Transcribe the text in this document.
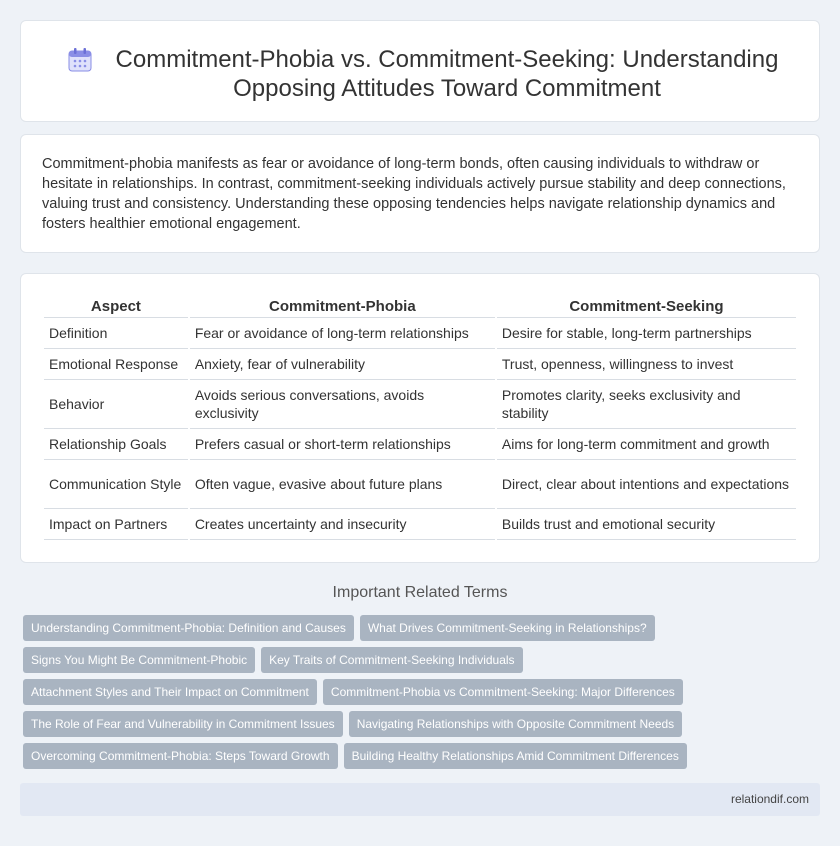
Commitment-Phobia vs. Commitment-Seeking: Understanding Opposing Attitudes Toward Commitment

Commitment-phobia manifests as fear or avoidance of long-term bonds, often causing individuals to withdraw or hesitate in relationships. In contrast, commitment-seeking individuals actively pursue stability and deep connections, valuing trust and consistency. Understanding these opposing tendencies helps navigate relationship dynamics and fosters healthier emotional engagement.

Aspect	Commitment-Phobia	Commitment-Seeking
Definition	Fear or avoidance of long-term relationships	Desire for stable, long-term partnerships
Emotional Response	Anxiety, fear of vulnerability	Trust, openness, willingness to invest
Behavior	Avoids serious conversations, avoids exclusivity	Promotes clarity, seeks exclusivity and stability
Relationship Goals	Prefers casual or short-term relationships	Aims for long-term commitment and growth
Communication Style	Often vague, evasive about future plans	Direct, clear about intentions and expectations
Impact on Partners	Creates uncertainty and insecurity	Builds trust and emotional security
Important Related Terms
Understanding Commitment-Phobia: Definition and Causes What Drives Commitment-Seeking in Relationships?
Signs You Might Be Commitment-Phobic Key Traits of Commitment-Seeking Individuals
Attachment Styles and Their Impact on Commitment Commitment-Phobia vs Commitment-Seeking: Major Differences
The Role of Fear and Vulnerability in Commitment Issues Navigating Relationships with Opposite Commitment Needs
Overcoming Commitment-Phobia: Steps Toward Growth Building Healthy Relationships Amid Commitment Differences
relationdif.com
